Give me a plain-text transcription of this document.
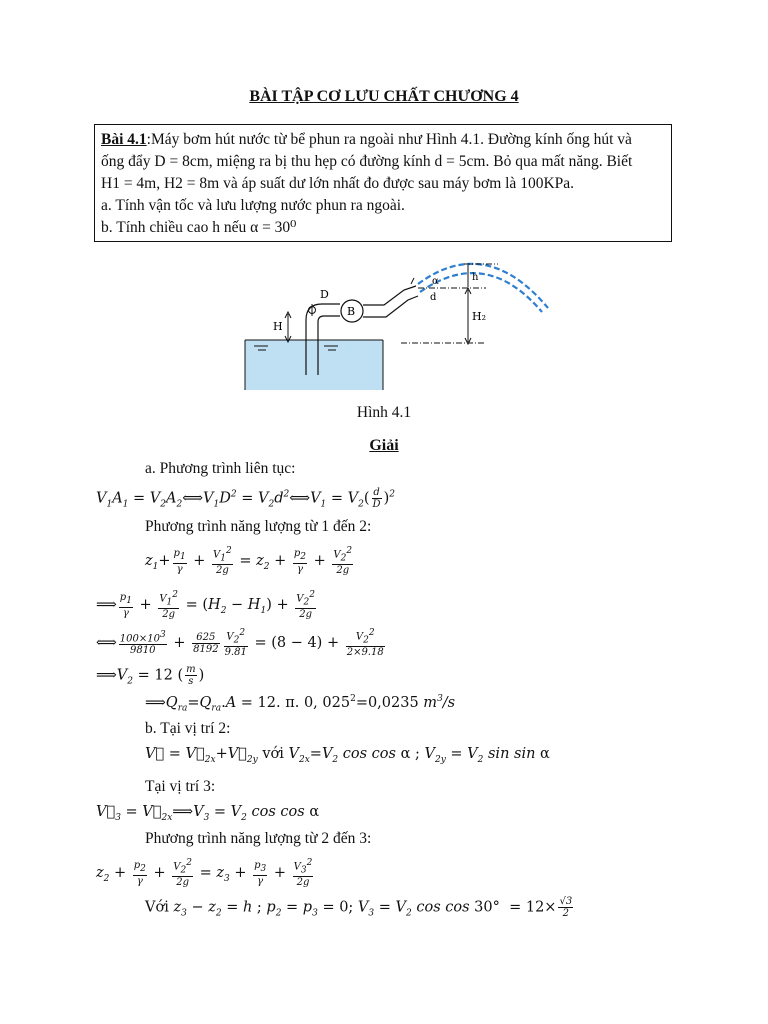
BÀI TẬP CƠ LƯU CHẤT CHƯƠNG 4
Bài 4.1:Máy bơm hút nước từ bể phun ra ngoài như Hình 4.1. Đường kính ống hút và
ống đẩy D = 8cm, miệng ra bị thu hẹp có đường kính d = 5cm. Bỏ qua mất năng. Biết
H1 = 4m, H2 = 8m và áp suất dư lớn nhất đo được sau máy bơm là 100KPa.
a. Tính vận tốc và lưu lượng nước phun ra ngoài.
b. Tính chiều cao h nếu α = 30⁰
H
D
B
h
H₂
α
d
Hình 4.1
Giải
a. Phương trình liên tục:
$V_1A_1$ = $V_2A_2⟺V_1D^2$ = $V_2d^2⟺V_1 = V_2( \frac{d}{D} )^2$
Phương trình năng lượng từ 1 đến 2:
$z_1+ \frac{p_1}{\gamma} + \frac{V_1^2}{2g} = z_2 + \frac{p_2}{\gamma} + \frac{V_2^2}{2g}$
⟹ $\frac{p_1}{\gamma} + \frac{V_1^2}{2g} = (H_2 - H_1) + \frac{V_2^2}{2g}$
⟺ $\frac{100\times 10^3}{9810} + \frac{625}{8192} \frac{V_2^2}{9.81} = (8 - 4) + \frac{V_2^2}{2\times 9.18}$
$⟹V_2 = 12$ ( $\frac{m}{s}$ )
$⟹Q_{ra}=Q_{ra}.A = 12$. π. 0, $025^2=0,0235$ $m^3/s$
b. Tại vị trí 2:
V⃗ = $V⃗_{2x}+V⃗_{2y}$ với $V_{2x}=V_2$ cos cos α ; $V_{2y} = V_2$ sin sin α
Tại vị trí 3:
$V⃗_3$ = $V⃗_{2x}⟹V_3 = V_2$ cos cos α
Phương trình năng lượng từ 2 đến 3:
$z_2 + \frac{p_2}{\gamma} + \frac{V_2^2}{2g} = z_3 + \frac{p_3}{\gamma} + \frac{V_3^2}{2g}$
Với $z_3 - z_2 = h$ ; $p_2 = p_3 = 0$; $V_3 = V_2$ $\cos \cos 30^\circ = 12\times \frac{√3}{2}$
